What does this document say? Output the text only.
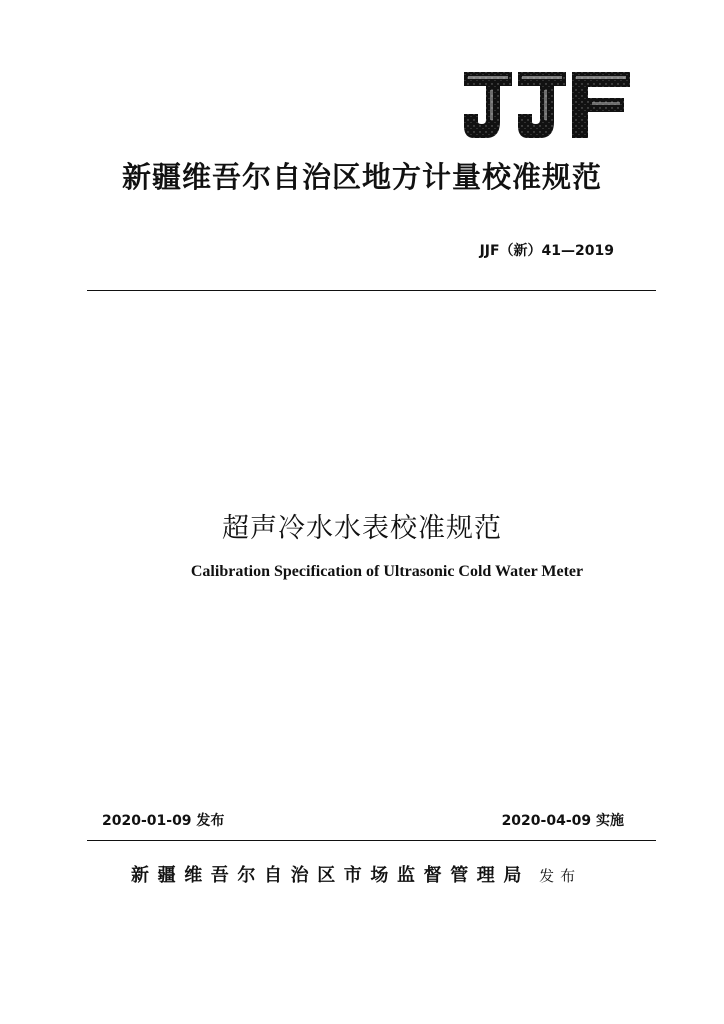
新疆维吾尔自治区地方计量校准规范
JJF（新）41—2019
超声冷水水表校准规范
Calibration Specification of Ultrasonic Cold Water Meter
2020-01-09 发布	2020-04-09 实施
新疆维吾尔自治区市场监督管理局 发布
